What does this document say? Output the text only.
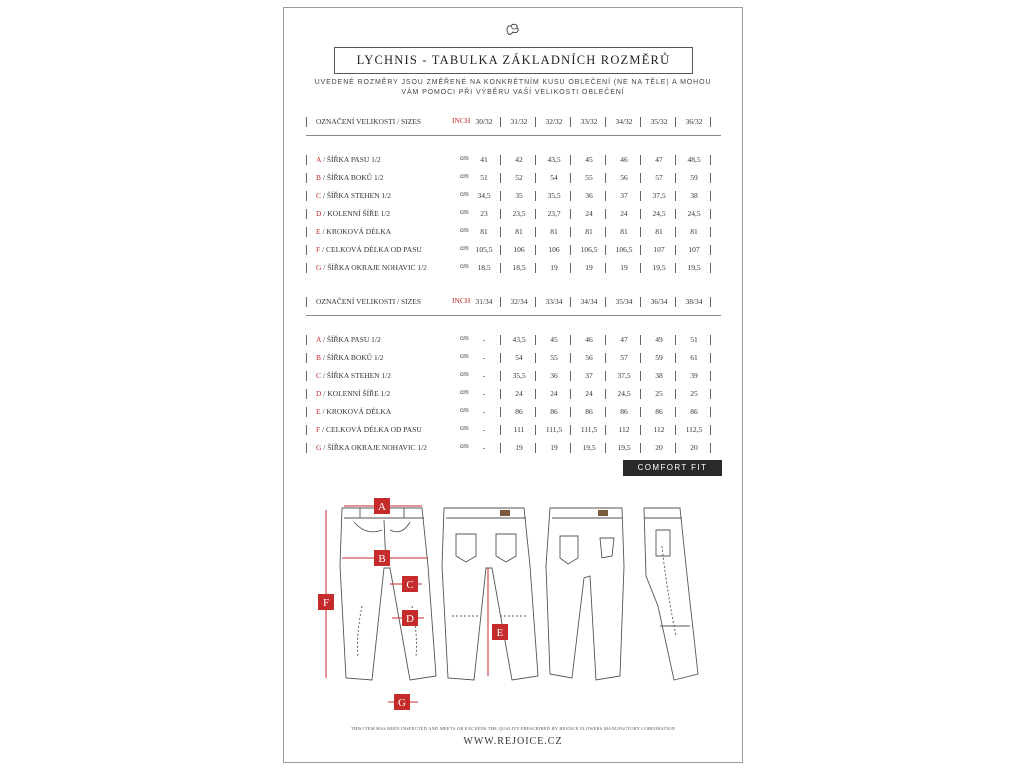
LYCHNIS - TABULKA ZÁKLADNÍCH ROZMĚRŮ
UVEDENÉ ROZMĚRY JSOU ZMĚŘENÉ NA KONKRÉTNÍM KUSU OBLEČENÍ (NE NA TĚLE) A MOHOU
VÁM POMOCI PŘI VÝBĚRU VAŠÍ VELIKOSTI OBLEČENÍ
OZNAČENÍ VELIKOSTI / SIZES	INCH 30/32	31/32	32/32	33/32	34/32	35/32	36/32
A / ŠÍŘKA PASU 1/2	cm	41	42	43,5	45	46	47	48,5
B / ŠÍŘKA BOKŮ 1/2	cm	51	52	54	55	56	57	59
C / ŠÍŘKA STEHEN 1/2	cm	34,5	35	35,5	36	37	37,5	38
D / KOLENNÍ ŠÍŘE 1/2	cm	23	23,5	23,7	24	24	24,5	24,5
E / KROKOVÁ DÉLKA	cm	81	81	81	81	81	81	81
F / CELKOVÁ DÉLKA OD PASU	cm 105,5	106	106	106,5	106,5	107	107
G / ŠÍŘKA OKRAJE NOHAVIC 1/2	cm	18,5	18,5	19	19	19	19,5	19,5
OZNAČENÍ VELIKOSTI / SIZES	INCH 31/34	32/34	33/34	34/34	35/34	36/34	38/34
A / ŠÍŘKA PASU 1/2	cm	-	43,5	45	46	47	49	51
B / ŠÍŘKA BOKŮ 1/2	cm	-	54	55	56	57	59	61
C / ŠÍŘKA STEHEN 1/2	cm	-	35,5	36	37	37,5	38	39
D / KOLENNÍ ŠÍŘE 1/2	cm	-	24	24	24	24,5	25	25
E / KROKOVÁ DÉLKA	cm	-	86	86	86	86	86	86
F / CELKOVÁ DÉLKA OD PASU	cm	-	111	111,5	111,5	112	112	112,5
G / ŠÍŘKA OKRAJE NOHAVIC 1/2	cm	-	19	19	19,5	19,5	20	20
COMFORT FIT
A
B
C
D
E
F
G
THIS ITEM HAS BEEN INSPECTED AND MEETS OR EXCEEDS THE QUALITY PRESCRIBED BY REJOICE FLOWERS MANUFACTORY CORPORATION
WWW.REJOICE.CZ
